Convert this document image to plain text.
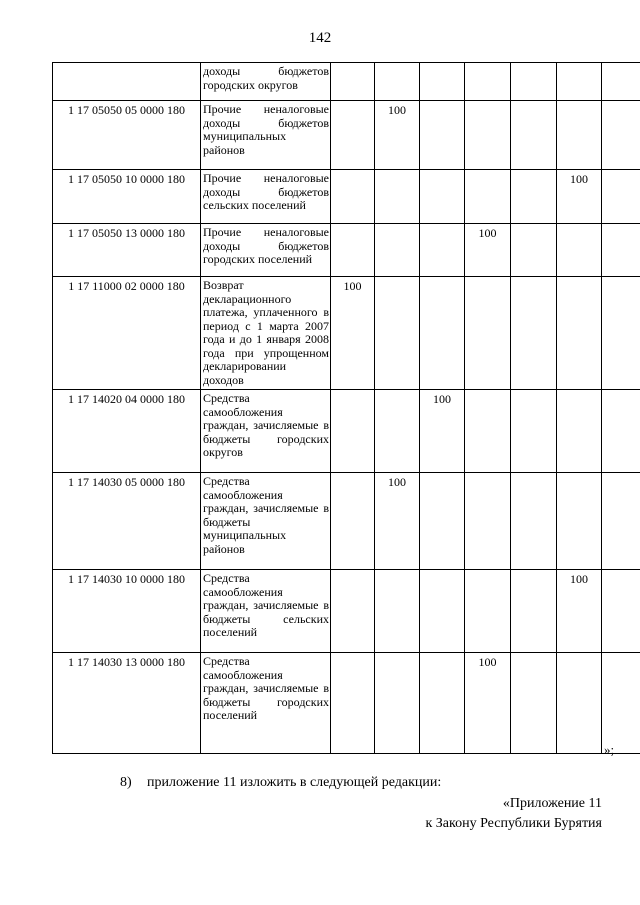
142
	доходы бюджетов городских округов							
1 17 05050 05 0000 180	Прочие неналоговые доходы бюджетов муниципальных районов		100					
1 17 05050 10 0000 180	Прочие неналоговые доходы бюджетов сельских поселений						100	
1 17 05050 13 0000 180	Прочие неналоговые доходы бюджетов городских поселений				100			
1 17 11000 02 0000 180	Возврат декларационного платежа, уплаченного в период с 1 марта 2007 года и до 1 января 2008 года при упрощенном декларировании доходов	100						
1 17 14020 04 0000 180	Средства самообложения граждан, зачисляемые в бюджеты городских округов			100				
1 17 14030 05 0000 180	Средства самообложения граждан, зачисляемые в бюджеты муниципальных районов		100					
1 17 14030 10 0000 180	Средства самообложения граждан, зачисляемые в бюджеты сельских поселений						100	
1 17 14030 13 0000 180	Средства самообложения граждан, зачисляемые в бюджеты городских поселений				100			
»;
8) приложение 11 изложить в следующей редакции:
«Приложение 11
к Закону Республики Бурятия
